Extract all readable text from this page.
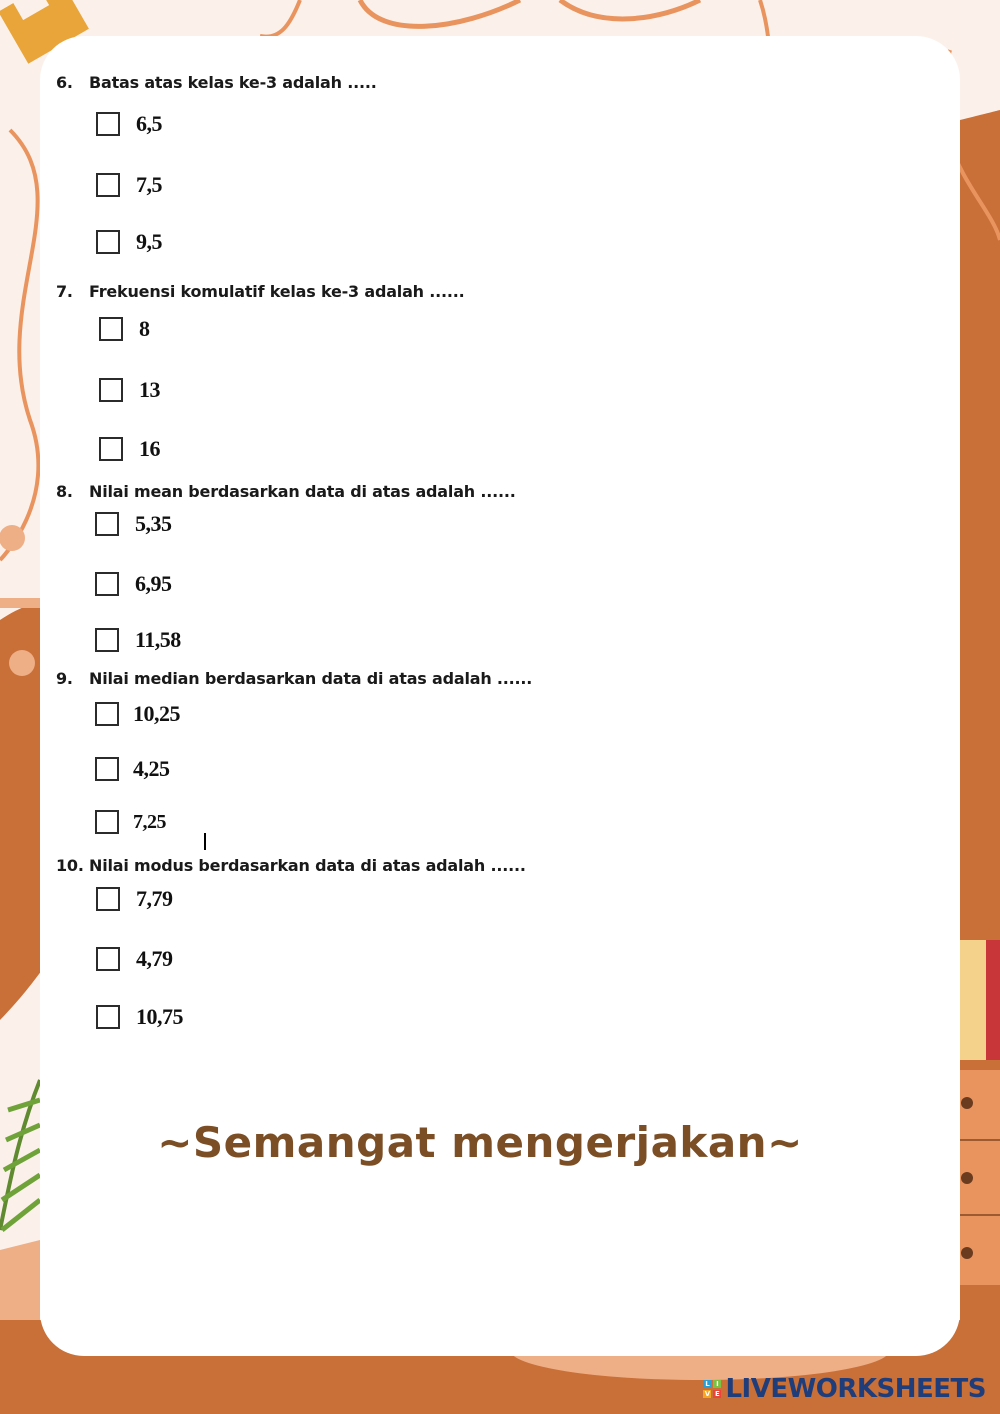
6. Batas atas kelas ke-3 adalah .....
6,5
7,5
9,5
7. Frekuensi komulatif kelas ke-3 adalah ......
8
13
16
8. Nilai mean berdasarkan data di atas adalah ......
5,35
6,95
11,58
9. Nilai median berdasarkan data di atas adalah ......
10,25
4,25
7,25
10. Nilai modus berdasarkan data di atas adalah ......
7,79
4,79
10,75
~Semangat mengerjakan~
L I
V E LIVEWORKSHEETS
